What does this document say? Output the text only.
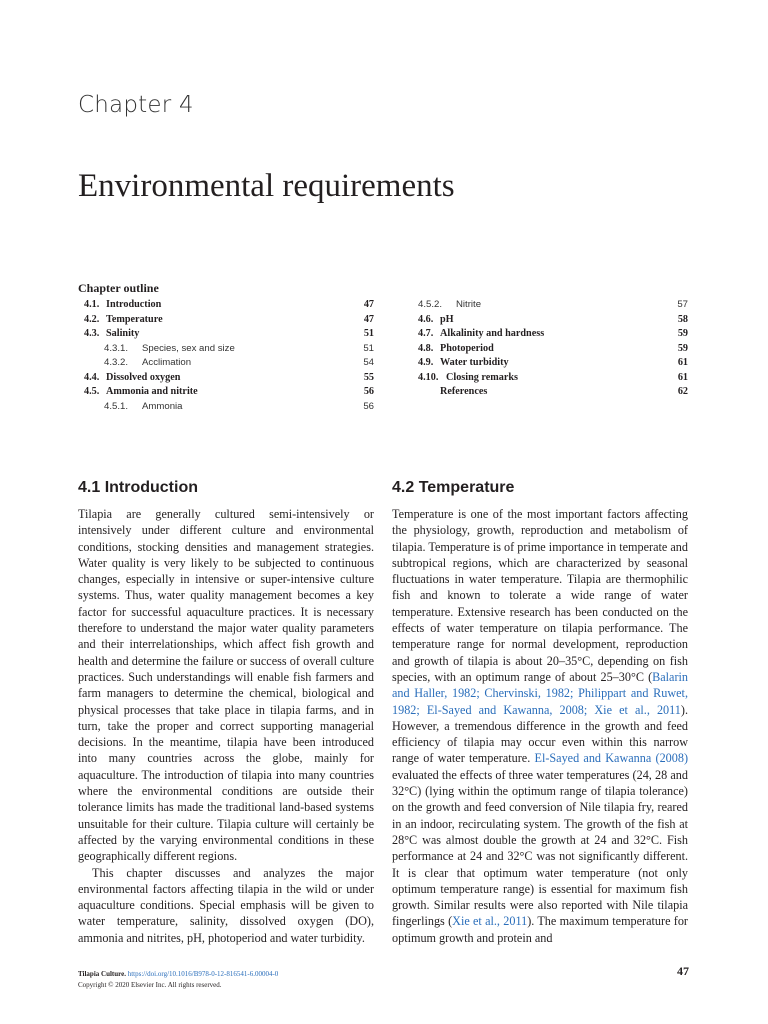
Chapter 4
Environmental requirements
Chapter outline
4.1. Introduction	47
4.2. Temperature	47
4.3. Salinity	51
4.3.1.	Species, sex and size	51
4.3.2.	Acclimation	54
4.4. Dissolved oxygen	55
4.5. Ammonia and nitrite	56
4.5.1.	Ammonia	56
4.5.2.	Nitrite	57
4.6. pH	58
4.7. Alkalinity and hardness	59
4.8. Photoperiod	59
4.9. Water turbidity	61
4.10. Closing remarks	61
References	62
4.1 Introduction	4.2 Temperature

Tilapia are generally cultured semi-intensively or intensively under different culture and environmental conditions, stocking densities and management strategies. Water quality is very likely to be subjected to continuous changes, especially in intensive or super-intensive culture systems. Thus, water quality management becomes a key factor for successful aquaculture practices. It is necessary therefore to understand the major water quality parameters and their interrelationships, which affect fish growth and health and determine the failure or success of overall culture practices. Such understandings will enable fish farmers and farm managers to determine the chemical, biological and physical processes that take place in tilapia farms, and in turn, take the proper and correct supporting managerial decisions. In the meantime, tilapia have been introduced into many countries across the globe, mainly for aquaculture. The introduction of tilapia into many countries where the environmental conditions are outside their tolerance limits has made the traditional land-based systems unsuitable for their culture. Tilapia culture will certainly be affected by the varying environmental conditions in these geographically different regions.

This chapter discusses and analyzes the major environmental factors affecting tilapia in the wild or under aquaculture conditions. Special emphasis will be given to water temperature, salinity, dissolved oxygen (DO), ammonia and nitrites, pH, photoperiod and water turbidity.

Temperature is one of the most important factors affecting the physiology, growth, reproduction and metabolism of tilapia. Temperature is of prime importance in temperate and subtropical regions, which are characterized by seasonal fluctuations in water temperature. Tilapia are thermophilic fish and known to tolerate a wide range of water temperature. Extensive research has been conducted on the effects of water temperature on tilapia performance. The temperature range for normal development, reproduction and growth of tilapia is about 20–35°C, depending on fish species, with an optimum range of about 25–30°C (Balarin and Haller, 1982; Chervinski, 1982; Philippart and Ruwet, 1982; El-Sayed and Kawanna, 2008; Xie et al., 2011). However, a tremendous difference in the growth and feed efficiency of tilapia may occur even within this narrow range of water temperature. El-Sayed and Kawanna (2008) evaluated the effects of three water temperatures (24, 28 and 32°C) (lying within the optimum range of tilapia tolerance) on the growth and feed conversion of Nile tilapia fry, reared in an indoor, recirculating system. The growth of the fish at 28°C was almost double the growth at 24 and 32°C. Fish performance at 24 and 32°C was not significantly different. It is clear that optimum water temperature (not only optimum temperature range) is essential for maximum fish growth. Similar results were also reported with Nile tilapia fingerlings (Xie et al., 2011). The maximum temperature for optimum growth and protein and

Tilapia Culture. https://doi.org/10.1016/B978-0-12-816541-6.00004-0
Copyright © 2020 Elsevier Inc. All rights reserved.
47
